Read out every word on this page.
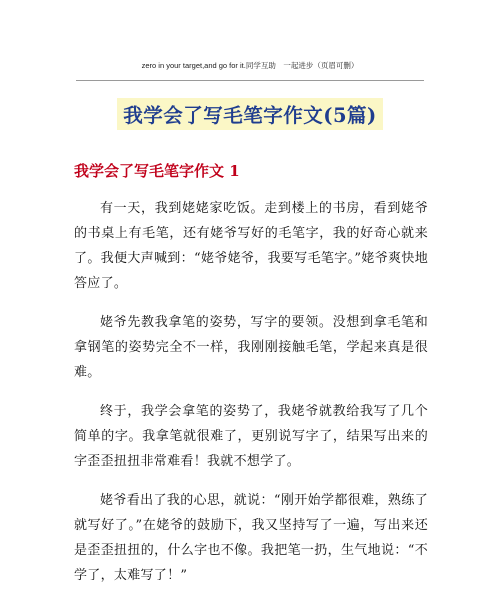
zero in your target,and go for it.同学互助　一起进步（页眉可删）
我学会了写毛笔字作文(5篇)
我学会了写毛笔字作文 1

有一天，我到姥姥家吃饭。走到楼上的书房，看到姥爷的书桌上有毛笔，还有姥爷写好的毛笔字，我的好奇心就来了。我便大声喊到：“姥爷姥爷，我要写毛笔字。”姥爷爽快地答应了。

姥爷先教我拿笔的姿势，写字的要领。没想到拿毛笔和拿钢笔的姿势完全不一样，我刚刚接触毛笔，学起来真是很难。

终于，我学会拿笔的姿势了，我姥爷就教给我写了几个简单的字。我拿笔就很难了，更别说写字了，结果写出来的字歪歪扭扭非常难看！我就不想学了。

姥爷看出了我的心思，就说：“刚开始学都很难，熟练了就写好了。”在姥爷的鼓励下，我又坚持写了一遍，写出来还是歪歪扭扭的，什么字也不像。我把笔一扔，生气地说：“不学了，太难写了！”
